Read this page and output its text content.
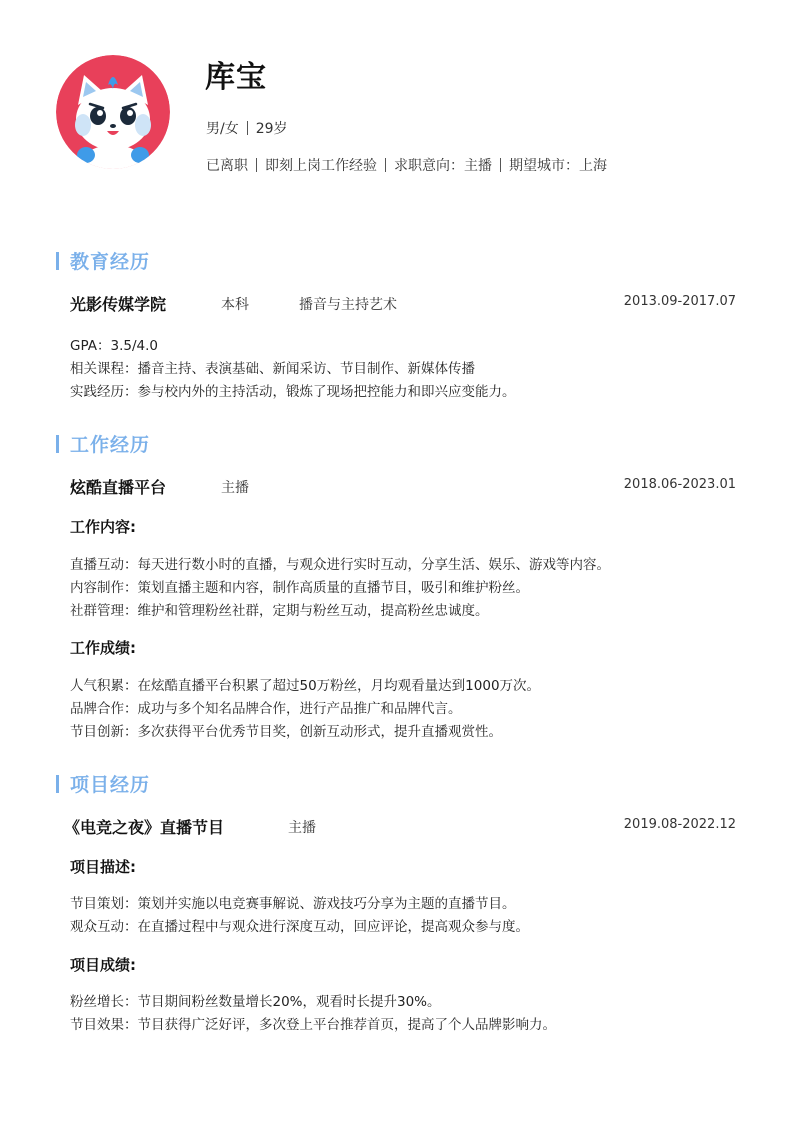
库宝
男/女 29岁
已离职 即刻上岗工作经验 求职意向：主播 期望城市：上海
教育经历
光影传媒学院	本科	播音与主持艺术	2013.09-2017.07
GPA：3.5/4.0
相关课程：播音主持、表演基础、新闻采访、节目制作、新媒体传播
实践经历：参与校内外的主持活动，锻炼了现场把控能力和即兴应变能力。
工作经历
炫酷直播平台	主播	2018.06-2023.01
工作内容:
直播互动：每天进行数小时的直播，与观众进行实时互动，分享生活、娱乐、游戏等内容。
内容制作：策划直播主题和内容，制作高质量的直播节目，吸引和维护粉丝。
社群管理：维护和管理粉丝社群，定期与粉丝互动，提高粉丝忠诚度。
工作成绩:
人气积累：在炫酷直播平台积累了超过50万粉丝，月均观看量达到1000万次。
品牌合作：成功与多个知名品牌合作，进行产品推广和品牌代言。
节目创新：多次获得平台优秀节目奖，创新互动形式，提升直播观赏性。
项目经历
《电竞之夜》直播节目	主播	2019.08-2022.12
项目描述:
节目策划：策划并实施以电竞赛事解说、游戏技巧分享为主题的直播节目。
观众互动：在直播过程中与观众进行深度互动，回应评论，提高观众参与度。
项目成绩:
粉丝增长：节目期间粉丝数量增长20%，观看时长提升30%。
节目效果：节目获得广泛好评，多次登上平台推荐首页，提高了个人品牌影响力。
